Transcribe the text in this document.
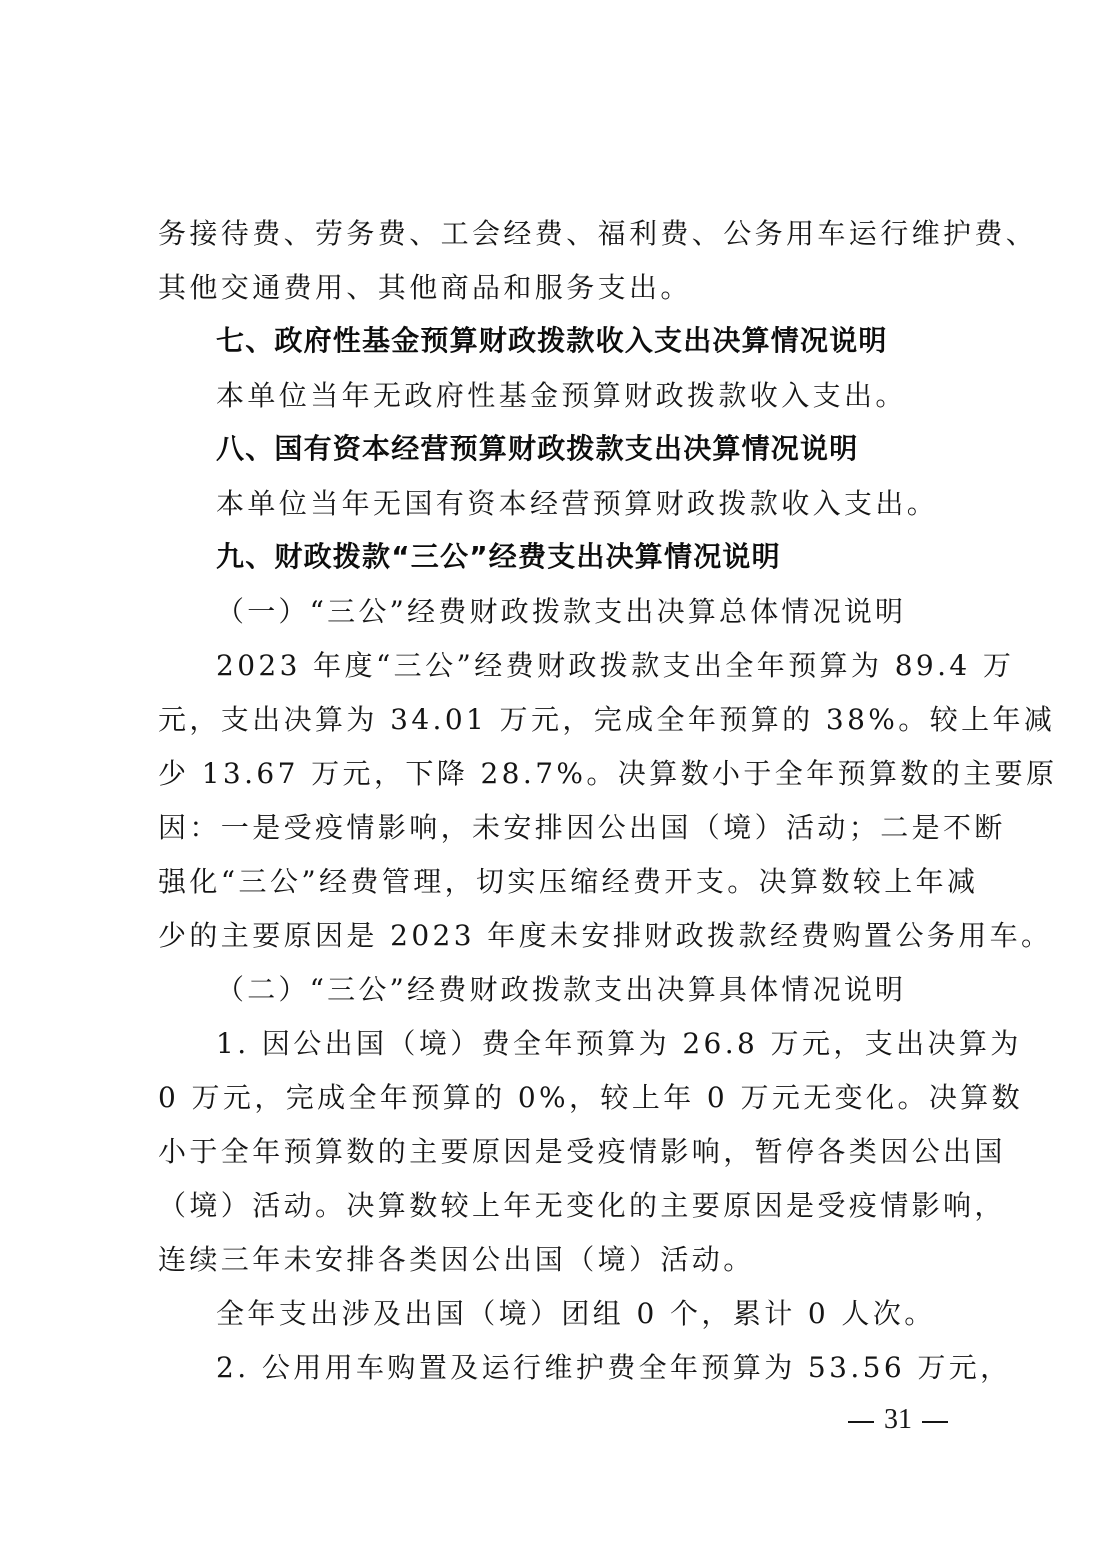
务接待费、劳务费、工会经费、福利费、公务用车运行维护费、
其他交通费用、其他商品和服务支出。
七、政府性基金预算财政拨款收入支出决算情况说明
本单位当年无政府性基金预算财政拨款收入支出。
八、国有资本经营预算财政拨款支出决算情况说明
本单位当年无国有资本经营预算财政拨款收入支出。
九、财政拨款“三公”经费支出决算情况说明
（一）“三公”经费财政拨款支出决算总体情况说明
2023 年度“三公”经费财政拨款支出全年预算为 89.4 万
元，支出决算为 34.01 万元，完成全年预算的 38%。较上年减
少 13.67 万元，下降 28.7%。决算数小于全年预算数的主要原
因：一是受疫情影响，未安排因公出国（境）活动；二是不断
强化“三公”经费管理，切实压缩经费开支。决算数较上年减
少的主要原因是 2023 年度未安排财政拨款经费购置公务用车。
（二）“三公”经费财政拨款支出决算具体情况说明
1. 因公出国（境）费全年预算为 26.8 万元，支出决算为
0 万元，完成全年预算的 0%，较上年 0 万元无变化。决算数
小于全年预算数的主要原因是受疫情影响，暂停各类因公出国
（境）活动。决算数较上年无变化的主要原因是受疫情影响，
连续三年未安排各类因公出国（境）活动。
全年支出涉及出国（境）团组 0 个，累计 0 人次。
2. 公用用车购置及运行维护费全年预算为 53.56 万元，
31
